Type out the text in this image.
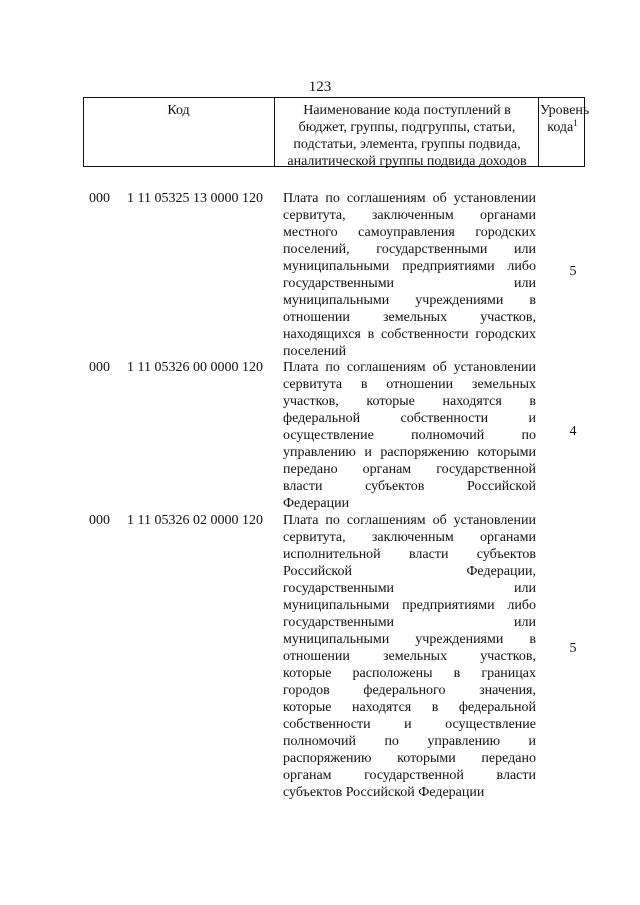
123
Код	Наименование кода поступлений в
бюджет, группы, подгруппы, статьи,
подстатьи, элемента, группы подвида,
аналитической группы подвида доходов
Уровень
кода$^1$
000 1 11 05325 13 0000 120 Плата по соглашениям об установлении
сервитута, заключенным органами
местного самоуправления городских
поселений, государственными или
муниципальными предприятиями либо
государственными или
муниципальными учреждениями в
отношении земельных участков,
находящихся в собственности городских
поселений
5
000 1 11 05326 00 0000 120 Плата по соглашениям об установлении
сервитута в отношении земельных
участков, которые находятся в
федеральной собственности и
осуществление полномочий по
управлению и распоряжению которыми
передано органам государственной
власти субъектов Российской
Федерации
4
000 1 11 05326 02 0000 120 Плата по соглашениям об установлении
сервитута, заключенным органами
исполнительной власти субъектов
Российской Федерации,
государственными или
муниципальными предприятиями либо
государственными или
муниципальными учреждениями в
отношении земельных участков,
которые расположены в границах
городов федерального значения,
которые находятся в федеральной
собственности и осуществление
полномочий по управлению и
распоряжению которыми передано
органам государственной власти
субъектов Российской Федерации
5
